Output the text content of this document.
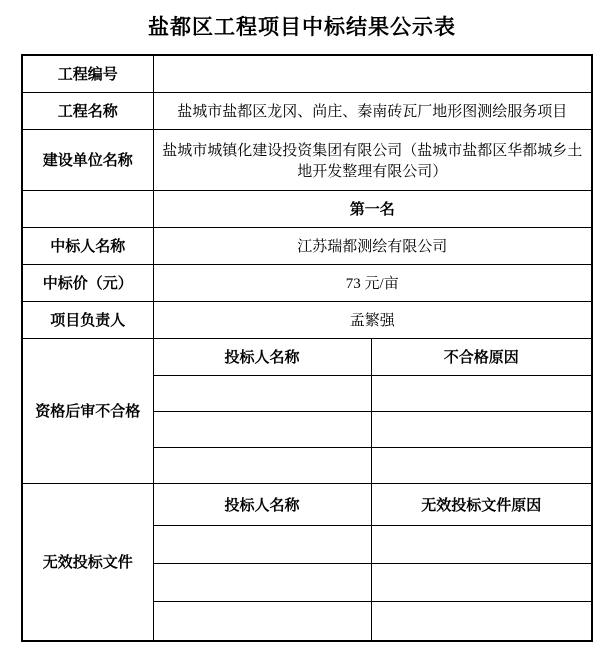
盐都区工程项目中标结果公示表
工程编号		
工程名称	盐城市盐都区龙冈、尚庄、秦南砖瓦厂地形图测绘服务项目	
建设单位名称	盐城市城镇化建设投资集团有限公司（盐城市盐都区华都城乡土地开发整理有限公司）	
	第一名	
中标人名称	江苏瑞都测绘有限公司	
中标价（元）	73 元/亩	
项目负责人	孟繁强	
资格后审不合格	投标人名称	不合格原因

无效投标文件	投标人名称	无效投标文件原因
